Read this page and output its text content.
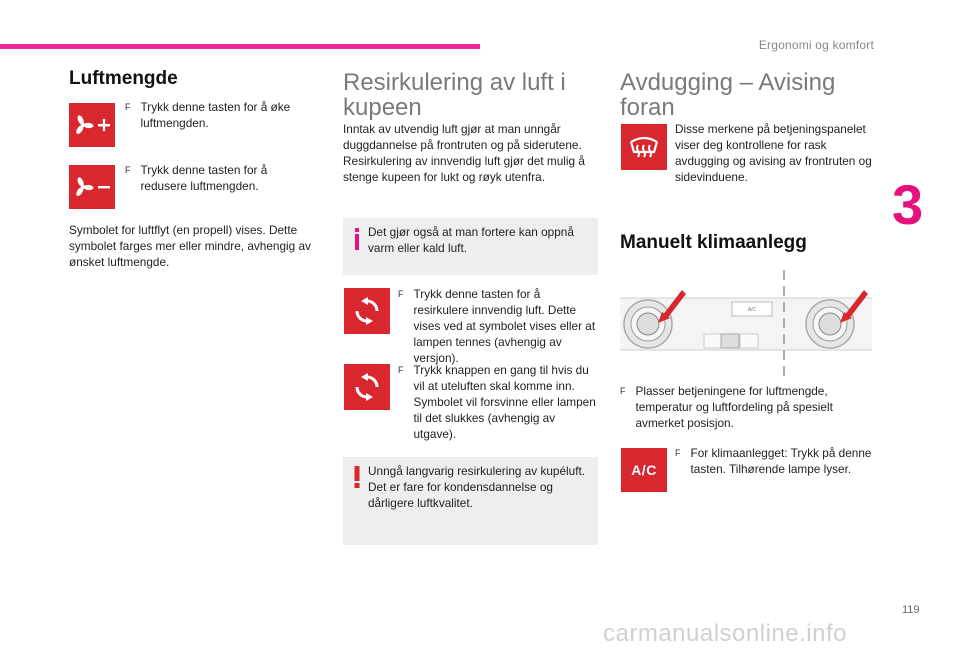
Ergonomi og komfort
3
119
carmanualsonline.info
Luftmengde
F Trykk denne tasten for å øke luftmengden.

F Trykk denne tasten for å redusere luftmengden.

Symbolet for luftflyt (en propell) vises. Dette symbolet farges mer eller mindre, avhengig av ønsket luftmengde.

Resirkulering av luft i kupeen

Inntak av utvendig luft gjør at man unngår duggdannelse på frontruten og på siderutene. Resirkulering av innvendig luft gjør det mulig å stenge kupeen for lukt og røyk utenfra.

Det gjør også at man fortere kan oppnå varm eller kald luft.

F Trykk denne tasten for å resirkulere innvendig luft. Dette vises ved at symbolet vises eller at lampen tennes (avhengig av versjon).

F Trykk knappen en gang til hvis du vil at uteluften skal komme inn. Symbolet vil forsvinne eller lampen til det slukkes (avhengig av utgave).

Unngå langvarig resirkulering av kupéluft. Det er fare for kondensdannelse og dårligere luftkvalitet.

Avdugging – Avising foran

Disse merkene på betjeningspanelet viser deg kontrollene for rask avdugging og avising av frontruten og sidevinduene.

Manuelt klimaanlegg
A/C
F Plasser betjeningene for luftmengde, temperatur og luftfordeling på spesielt avmerket posisjon.

A/C
F For klimaanlegget: Trykk på denne tasten. Tilhørende lampe lyser.
